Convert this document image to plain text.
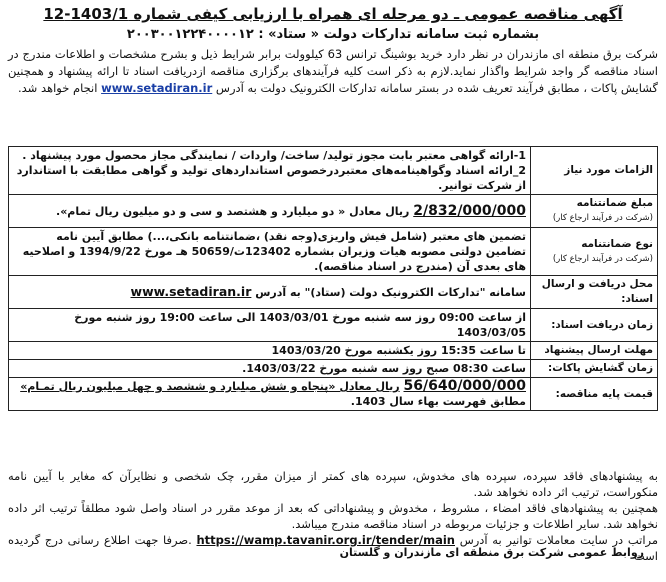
آگهی مناقصه عمومی ـ دو مرحله ای همراه با ارزیابی کیفی شماره 1403/1-12
بشماره ثبت سامانه تدارکات دولت « ستاد» : ۲۰۰۳۰۰۱۲۲۴۰۰۰۰۱۲
شرکت برق منطقه ای مازندران در نظر دارد خرید بوشینگ ترانس 63 کیلوولت برابر شرایط ذیل و بشرح مشخصات و اطلاعات مندرج در اسناد مناقصه گر واجد شرایط واگذار نماید.لازم به ذکر است کلیه فرآیندهای برگزاری مناقصه ازدریافت اسناد تا ارائه پیشنهاد و همچنین گشایش پاکات ، مطابق فرآیند تعریف شده در بستر سامانه تدارکات الکترونیک دولت به آدرس www.setadiran.ir انجام خواهد شد.
الزامات مورد نیاز	1-ارائه گواهی معتبر بابت مجوز تولید/ ساخت/ واردات / نمایندگی مجاز محصول مورد پیشنهاد .
2_ارائه اسناد وگواهینامه‌های معتبردرخصوص استانداردهای تولید و گواهی مطابقت با استاندارد از شرکت توانیر.

مبلغ ضمانتنامه
(شرکت در فرآیند ارجاع کار)	2/832/000/000 ریال معادل « دو میلیارد و هشتصد و سی و دو میلیون ریال تمام».
نوع ضمانتنامه
(شرکت در فرآیند ارجاع کار)	تضمین های معتبر (شامل فیش واریزی(وجه نقد) ،ضمانتنامه بانکی،...) مطابق آیین نامه تضامین دولتی مصوبه هیات وزیران بشماره 123402ت/50659 هـ مورخ 1394/9/22 و اصلاحیه های بعدی آن (مندرج در اسناد مناقصه).
محل دریافت و ارسال اسناد:	سامانه "تدارکات الکترونیک دولت (ستاد)" به آدرس www.setadiran.ir
زمان دریافت اسناد:	از ساعت 09:00 روز سه شنبه مورخ 1403/03/01 الی ساعت 19:00 روز شنبه مورخ 1403/03/05
مهلت ارسال پیشنهاد	تا ساعت 15:35 روز یکشنبه مورخ 1403/03/20
زمان گشایش پاکات:	ساعت 08:30 صبح روز سه شنبه مورخ 1403/03/22.
قیمت پایه مناقصه:	56/640/000/000 ریال معادل «پنجاه و شش میلیارد و ششصد و چهل میلیون ریال تمـام»
مطابق فهرست بهاء سال 1403.
به پیشنهادهای فاقد سپرده، سپرده های مخدوش، سپرده های کمتر از میزان مقرر، چک شخصی و نظایرآن که مغایر با آیین نامه منکوراست، ترتیب اثر داده نخواهد شد.
همچنین به پیشنهادهای فاقد امضاء ، مشروط ، مخدوش و پیشنهاداتی که بعد از موعد مقرر در اسناد واصل شود مطلقاً ترتیب اثر داده نخواهد شد. سایر اطلاعات و جزئیات مربوطه در اسناد مناقصه مندرج میباشد.
مراتب در سایت معاملات توانیر به آدرس https://wamp.tavanir.org.ir/tender/main .صرفا جهت اطلاع رسانی درج گردیده است
روابط عمومی شرکت برق منطقه ای مازندران و گلستان
